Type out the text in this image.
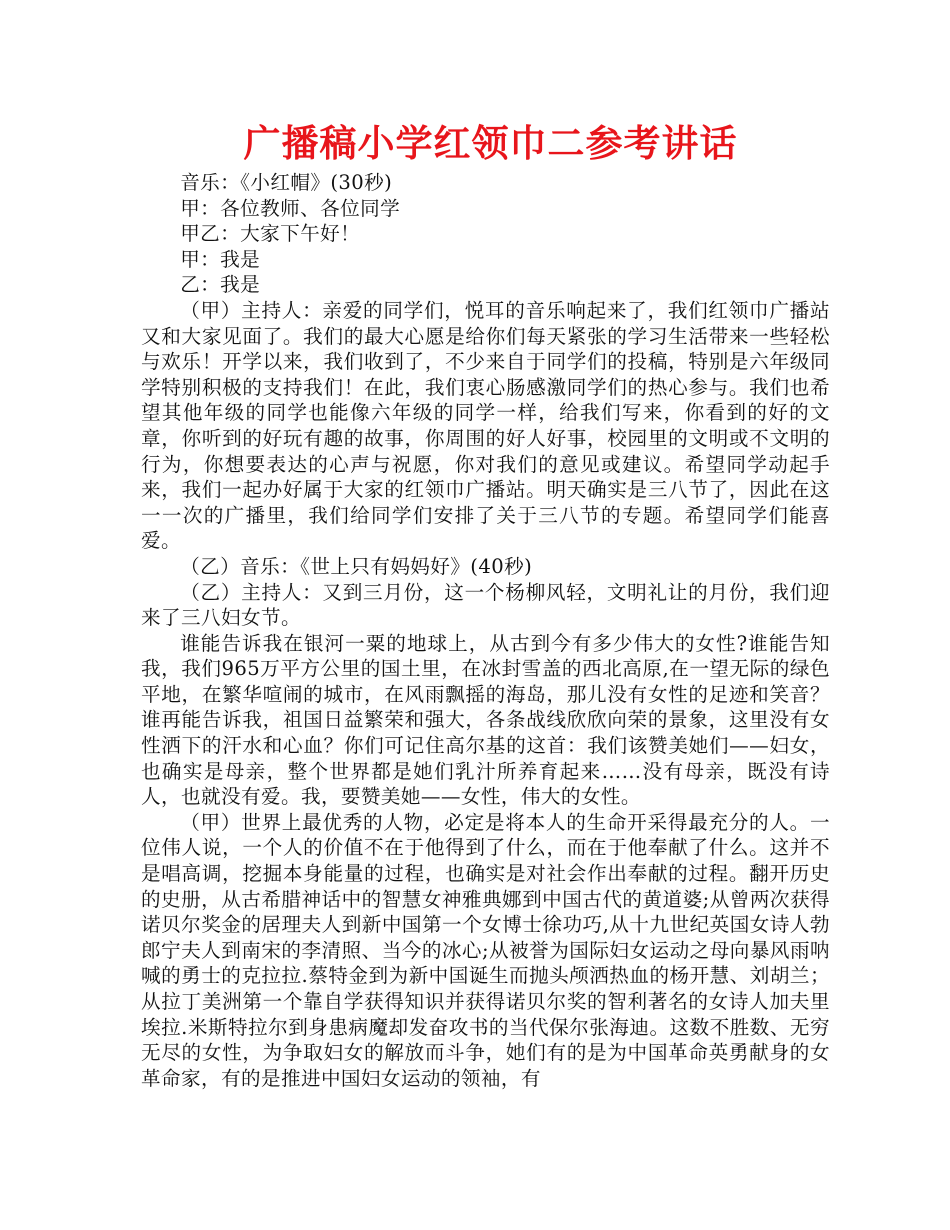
广播稿小学红领巾二参考讲话

音乐：《小红帽》(30秒)

甲：各位教师、各位同学

甲乙：大家下午好！

甲：我是

乙：我是

（甲）主持人：亲爱的同学们，悦耳的音乐响起来了，我们红领巾广播站又和大家见面了。我们的最大心愿是给你们每天紧张的学习生活带来一些轻松与欢乐！开学以来，我们收到了，不少来自于同学们的投稿，特别是六年级同学特别积极的支持我们！在此，我们衷心肠感激同学们的热心参与。我们也希望其他年级的同学也能像六年级的同学一样，给我们写来，你看到的好的文章，你听到的好玩有趣的故事，你周围的好人好事，校园里的文明或不文明的行为，你想要表达的心声与祝愿，你对我们的意见或建议。希望同学动起手来，我们一起办好属于大家的红领巾广播站。明天确实是三八节了，因此在这一一次的广播里，我们给同学们安排了关于三八节的专题。希望同学们能喜爱。

（乙）音乐：《世上只有妈妈好》(40秒)

（乙）主持人：又到三月份，这一个杨柳风轻，文明礼让的月份，我们迎来了三八妇女节。

谁能告诉我在银河一粟的地球上，从古到今有多少伟大的女性?谁能告知我，我们965万平方公里的国土里，在冰封雪盖的西北高原,在一望无际的绿色平地，在繁华喧闹的城市，在风雨飘摇的海岛，那儿没有女性的足迹和笑音？谁再能告诉我，祖国日益繁荣和强大，各条战线欣欣向荣的景象，这里没有女性洒下的汗水和心血？你们可记住高尔基的这首：我们该赞美她们——妇女，也确实是母亲，整个世界都是她们乳汁所养育起来……没有母亲，既没有诗人，也就没有爱。我，要赞美她——女性，伟大的女性。

（甲）世界上最优秀的人物，必定是将本人的生命开采得最充分的人。一位伟人说，一个人的价值不在于他得到了什么，而在于他奉献了什么。这并不是唱高调，挖掘本身能量的过程，也确实是对社会作出奉献的过程。翻开历史的史册，从古希腊神话中的智慧女神雅典娜到中国古代的黄道婆;从曾两次获得诺贝尔奖金的居理夫人到新中国第一个女博士徐功巧,从十九世纪英国女诗人勃郎宁夫人到南宋的李清照、当今的冰心;从被誉为国际妇女运动之母向暴风雨呐喊的勇士的克拉拉.蔡特金到为新中国诞生而抛头颅洒热血的杨开慧、刘胡兰；从拉丁美洲第一个靠自学获得知识并获得诺贝尔奖的智利著名的女诗人加夫里埃拉.米斯特拉尔到身患病魔却发奋攻书的当代保尔张海迪。这数不胜数、无穷无尽的女性，为争取妇女的解放而斗争，她们有的是为中国革命英勇献身的女革命家，有的是推进中国妇女运动的领袖，有
